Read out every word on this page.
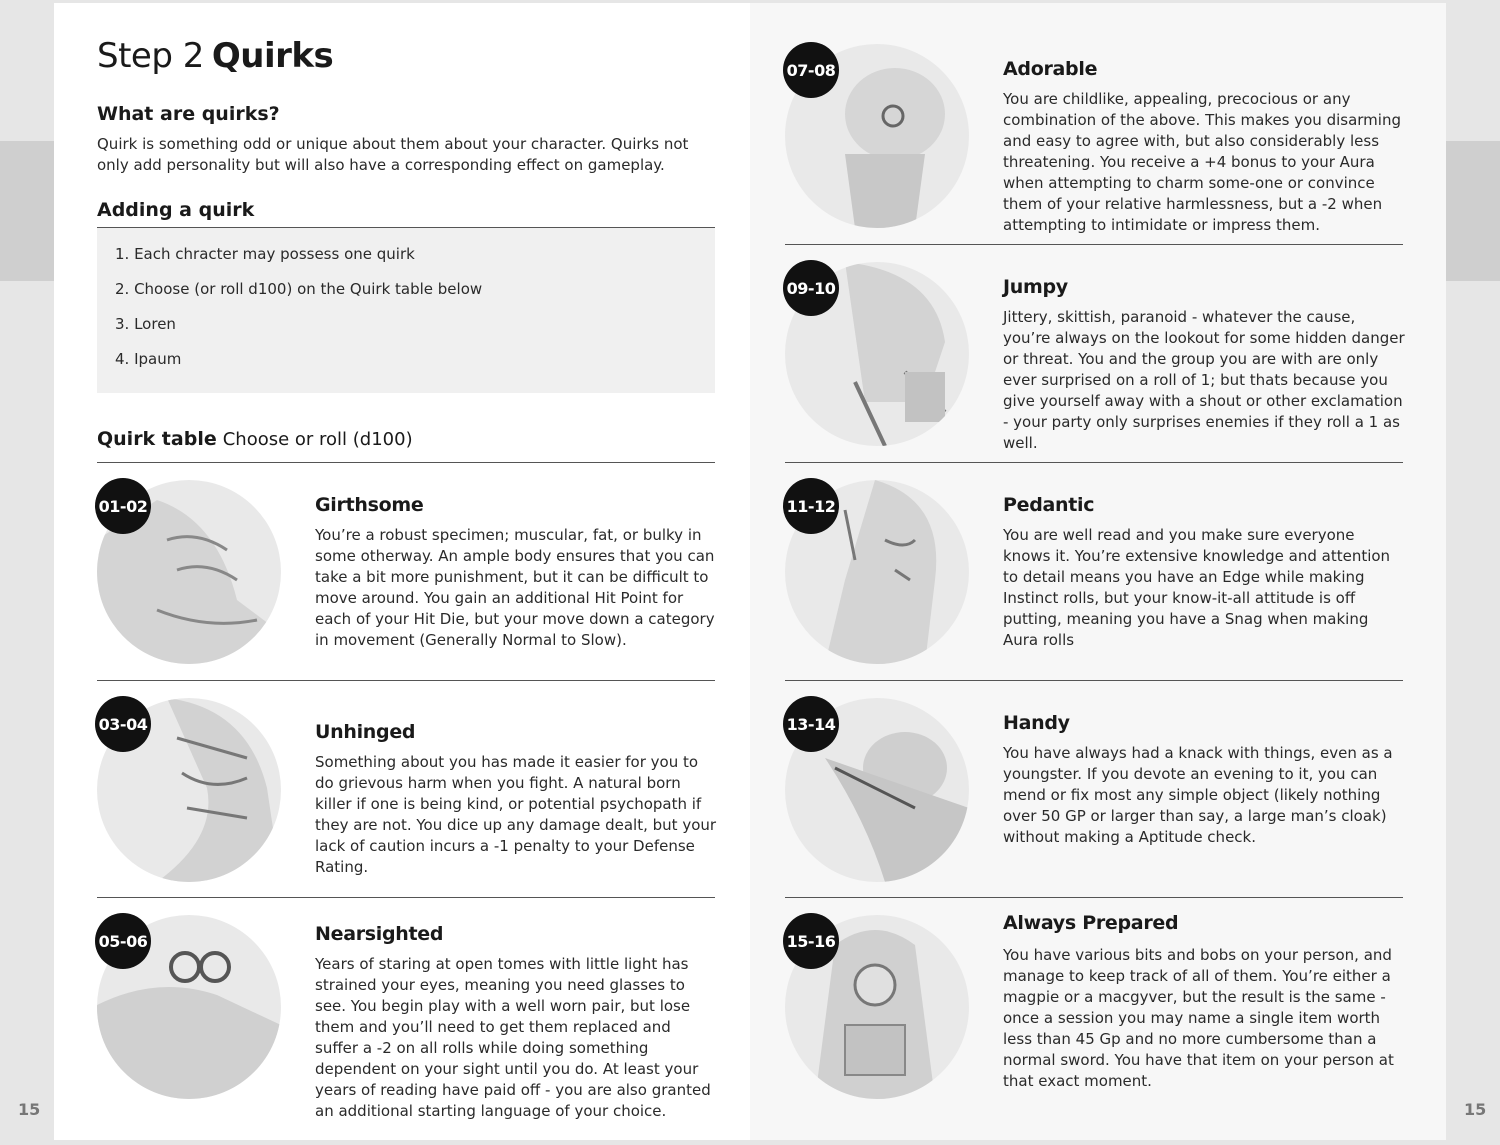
15	15
Step 2 Quirks
What are quirks?
Quirk is something odd or unique about them about your character. Quirks not only add personality but will also have a corresponding effect on gameplay.
Adding a quirk
1. Each chracter may possess one quirk
2. Choose (or roll d100) on the Quirk table below
3. Loren
4. Ipaum
Quirk table Choose or roll (d100)
01-02	Girthsome
You’re a robust specimen; muscular, fat, or bulky in some otherway. An ample body ensures that you can take a bit more punishment, but it can be difficult to move around. You gain an additional Hit Point for each of your Hit Die, but your move down a category in movement (Generally Normal to Slow).
03-04	Unhinged
Something about you has made it easier for you to do grievous harm when you fight. A natural born killer if one is being kind, or potential psychopath if they are not. You dice up any damage dealt, but your lack of caution incurs a -1 penalty to your Defense Rating.
05-06	Nearsighted
Years of staring at open tomes with little light has strained your eyes, meaning you need glasses to see. You begin play with a well worn pair, but lose them and you’ll need to get them replaced and suffer a -2 on all rolls while doing something dependent on your sight until you do. At least your years of reading have paid off - you are also granted an additional starting language of your choice.
07-08	Adorable
You are childlike, appealing, precocious or any combination of the above. This makes you disarming and easy to agree with, but also considerably less threatening. You receive a +4 bonus to your Aura when attempting to charm some-one or convince them of your relative harmlessness, but a -2 when attempting to intimidate or impress them.
09-10	Jumpy
Jittery, skittish, paranoid - whatever the cause, you’re always on the lookout for some hidden danger or threat. You and the group you are with are only ever surprised on a roll of 1; but thats because you give yourself away with a shout or other exclamation - your party only surprises enemies if they roll a 1 as well.
11-12	Pedantic
You are well read and you make sure everyone knows it. You’re extensive knowledge and attention to detail means you have an Edge while making Instinct rolls, but your know-it-all attitude is off putting, meaning you have a Snag when making Aura rolls
13-14	Handy
You have always had a knack with things, even as a youngster. If you devote an evening to it, you can mend or fix most any simple object (likely nothing over 50 GP or larger than say, a large man’s cloak) without making a Aptitude check.
15-16
Always Prepared
You have various bits and bobs on your person, and manage to keep track of all of them. You’re either a magpie or a macgyver, but the result is the same - once a session you may name a single item worth less than 45 Gp and no more cumbersome than a normal sword. You have that item on your person at that exact moment.
